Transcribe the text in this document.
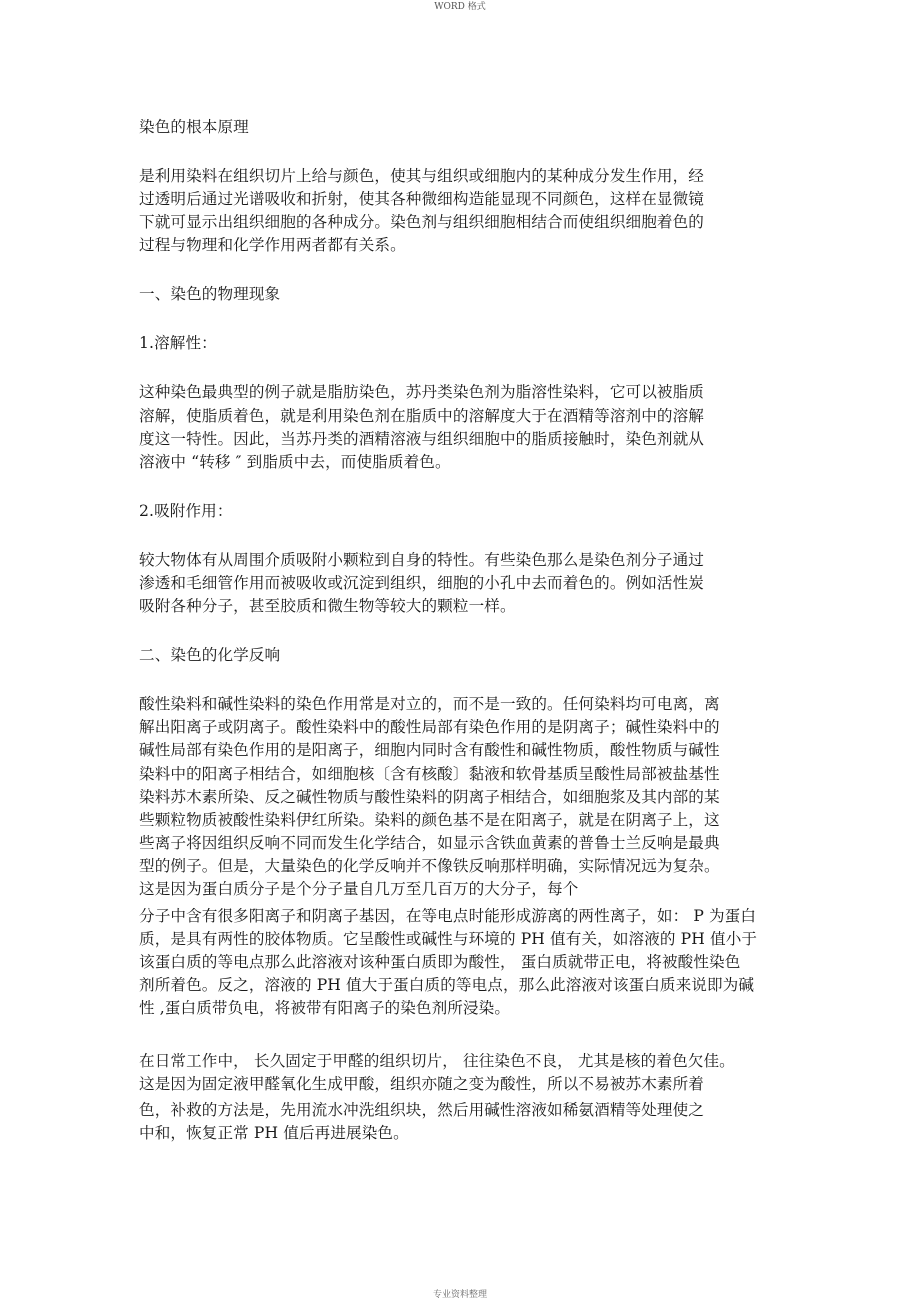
WORD 格式
染色的根本原理
是利用染料在组织切片上给与颜色，使其与组织或细胞内的某种成分发生作用，经
过透明后通过光谱吸收和折射，使其各种微细构造能显现不同颜色，这样在显微镜
下就可显示出组织细胞的各种成分。染色剂与组织细胞相结合而使组织细胞着色的
过程与物理和化学作用两者都有关系。
一、染色的物理现象
1.溶解性：
这种染色最典型的例子就是脂肪染色，苏丹类染色剂为脂溶性染料，它可以被脂质
溶解，使脂质着色，就是利用染色剂在脂质中的溶解度大于在酒精等溶剂中的溶解
度这一特性。因此，当苏丹类的酒精溶液与组织细胞中的脂质接触时，染色剂就从
溶液中 “转移 ″ 到脂质中去，而使脂质着色。
2.吸附作用：
较大物体有从周围介质吸附小颗粒到自身的特性。有些染色那么是染色剂分子通过
渗透和毛细管作用而被吸收或沉淀到组织，细胞的小孔中去而着色的。例如活性炭
吸附各种分子，甚至胶质和微生物等较大的颗粒一样。
二、染色的化学反响
酸性染料和碱性染料的染色作用常是对立的，而不是一致的。任何染料均可电离，离
解出阳离子或阴离子。酸性染料中的酸性局部有染色作用的是阴离子；碱性染料中的
碱性局部有染色作用的是阳离子，细胞内同时含有酸性和碱性物质，酸性物质与碱性
染料中的阳离子相结合，如细胞核〔含有核酸〕黏液和软骨基质呈酸性局部被盐基性
染料苏木素所染、反之碱性物质与酸性染料的阴离子相结合，如细胞浆及其内部的某
些颗粒物质被酸性染料伊红所染。染料的颜色基不是在阳离子，就是在阴离子上，这
些离子将因组织反响不同而发生化学结合，如显示含铁血黄素的普鲁士兰反响是最典
型的例子。但是，大量染色的化学反响并不像铁反响那样明确，实际情况远为复杂。
这是因为蛋白质分子是个分子量自几万至几百万的大分子，每个
分子中含有很多阳离子和阴离子基因，在等电点时能形成游离的两性离子，如： P 为蛋白
质，是具有两性的胶体物质。它呈酸性或碱性与环境的 PH 值有关，如溶液的 PH 值小于
该蛋白质的等电点那么此溶液对该种蛋白质即为酸性， 蛋白质就带正电，将被酸性染色
剂所着色。反之，溶液的 PH 值大于蛋白质的等电点，那么此溶液对该蛋白质来说即为碱
性 ,蛋白质带负电，将被带有阳离子的染色剂所浸染。
在日常工作中， 长久固定于甲醛的组织切片， 往往染色不良， 尤其是核的着色欠佳。
这是因为固定液甲醛氧化生成甲酸，组织亦随之变为酸性，所以不易被苏木素所着
色，补救的方法是，先用流水冲洗组织块，然后用碱性溶液如稀氨酒精等处理使之
中和，恢复正常 PH 值后再进展染色。
专业资料整理
